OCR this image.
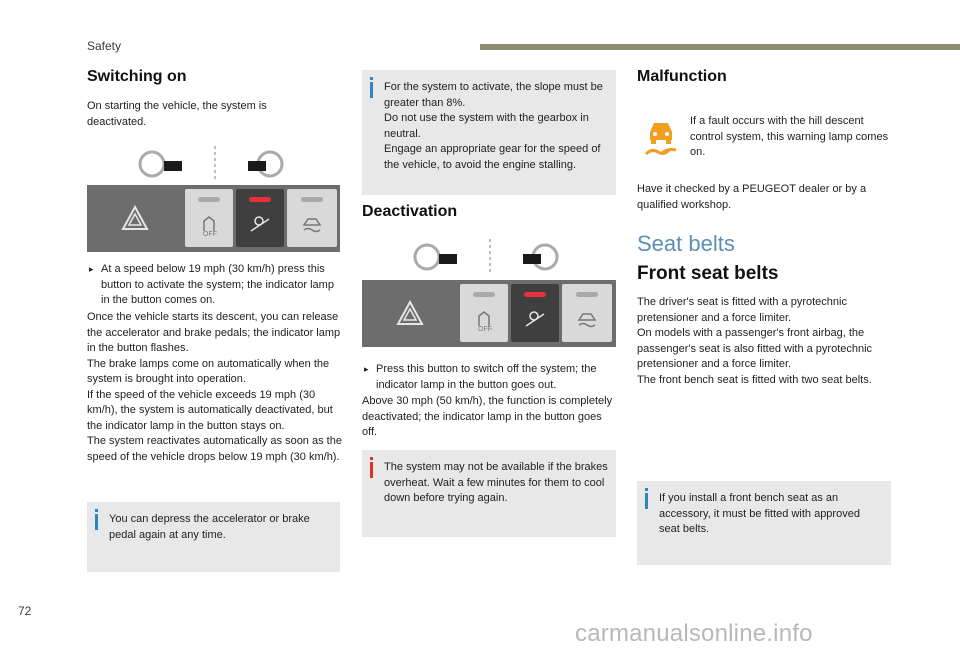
Safety
Switching on
On starting the vehicle, the system is deactivated.
OFF
▸ At a speed below 19 mph (30 km/h) press this button to activate the system; the indicator lamp in the button comes on.
Once the vehicle starts its descent, you can release the accelerator and brake pedals; the indicator lamp in the button flashes.
The brake lamps come on automatically when the system is brought into operation.
If the speed of the vehicle exceeds 19 mph (30 km/h), the system is automatically deactivated, but the indicator lamp in the button stays on.
The system reactivates automatically as soon as the speed of the vehicle drops below 19 mph (30 km/h).
You can depress the accelerator or brake pedal again at any time.
For the system to activate, the slope must be greater than 8%.
Do not use the system with the gearbox in neutral.
Engage an appropriate gear for the speed of the vehicle, to avoid the engine stalling.
Deactivation
OFF
▸ Press this button to switch off the system; the indicator lamp in the button goes out.
Above 30 mph (50 km/h), the function is completely deactivated; the indicator lamp in the button goes off.
The system may not be available if the brakes overheat. Wait a few minutes for them to cool down before trying again.
Malfunction
If a fault occurs with the hill descent control system, this warning lamp comes on.
Have it checked by a PEUGEOT dealer or by a qualified workshop.
Seat belts
Front seat belts
The driver's seat is fitted with a pyrotechnic pretensioner and a force limiter.
On models with a passenger's front airbag, the passenger's seat is also fitted with a pyrotechnic pretensioner and a force limiter.
The front bench seat is fitted with two seat belts.
If you install a front bench seat as an accessory, it must be fitted with approved seat belts.
72
carmanualsonline.info
